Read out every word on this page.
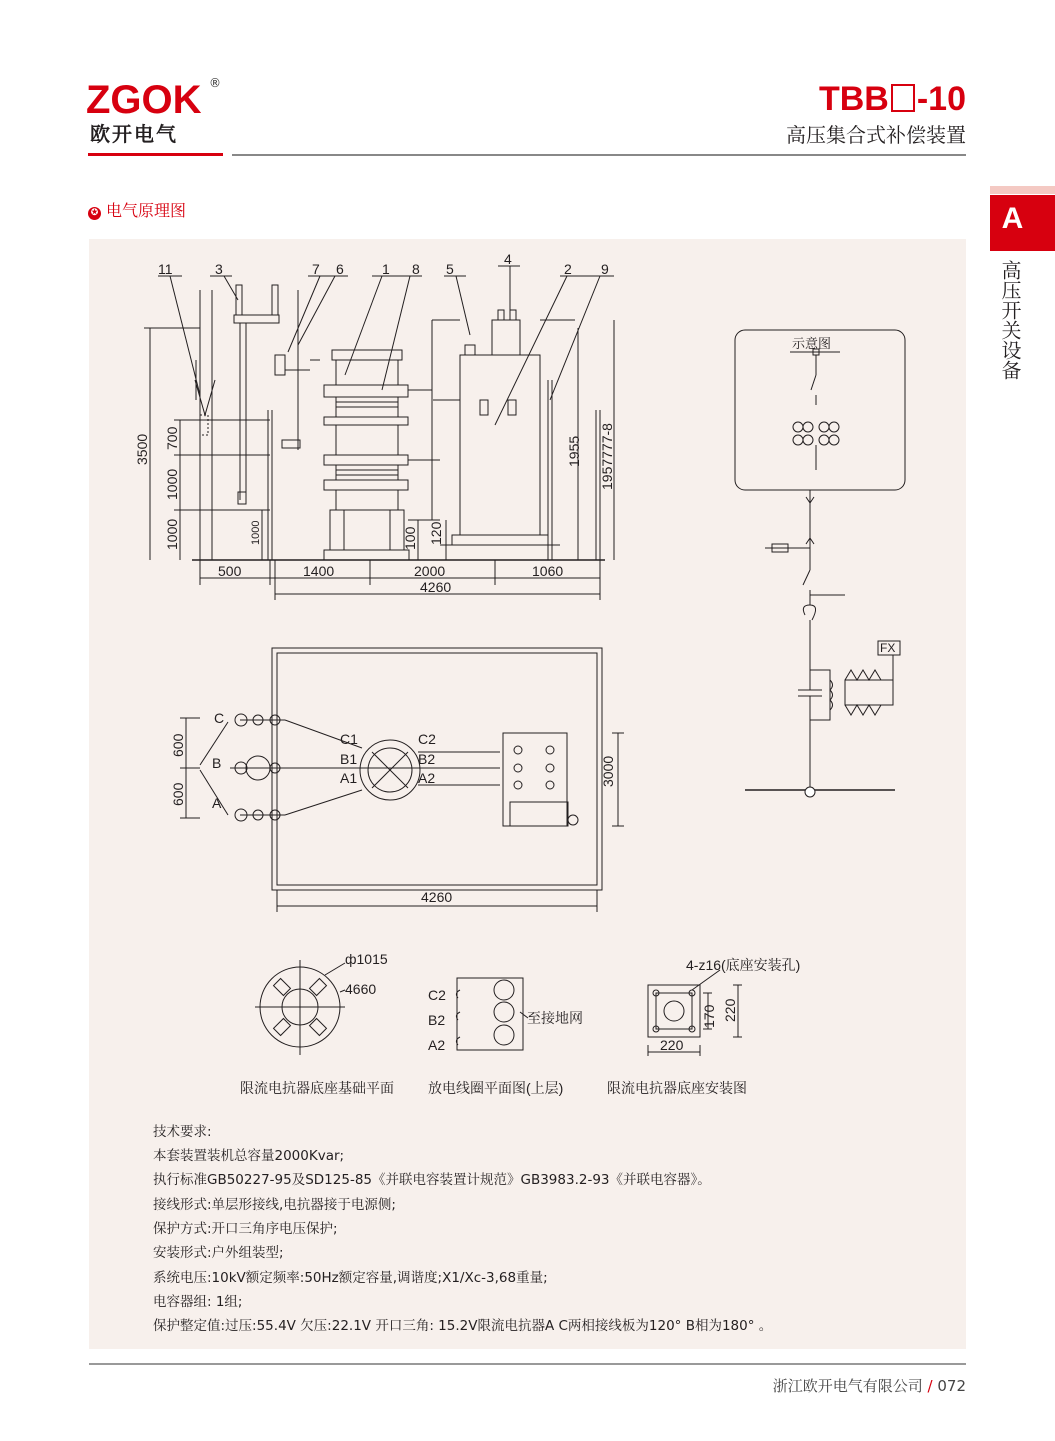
ZGOK ®
欧开电气
TBB -10
高压集合式补偿装置
A
高压开关设备
✪ 电气原理图
11	3	7 6	1 8 5
4
2 9
3500 700
1000
1000	1000	100 120
1955 1957777-8
500	1400	2000	1060
4260
示意图
FX
C
B
A
C1
B1
A1
C2
B2
A2
600
600
3000
4260
ф1015
4660	C2
B2
A2
至接地网
4-z16(底座安装孔)
170 220
220
限流电抗器底座基础平面 放电线圈平面图(上层)	限流电抗器底座安装图
技术要求:
本套装置装机总容量2000Kvar;
执行标准GB50227-95及SD125-85《并联电容装置计规范》GB3983.2-93《并联电容器》。
接线形式:单层形接线,电抗器接于电源侧;
保护方式:开口三角序电压保护;
安装形式:户外组装型;
系统电压:10kV额定频率:50Hz额定容量,调谐度;X1/Xc-3,68重量;
电容器组: 1组;
保护整定值:过压:55.4V 欠压:22.1V 开口三角: 15.2V限流电抗器A C两相接线板为120° B相为180° 。
浙江欧开电气有限公司 / 072
